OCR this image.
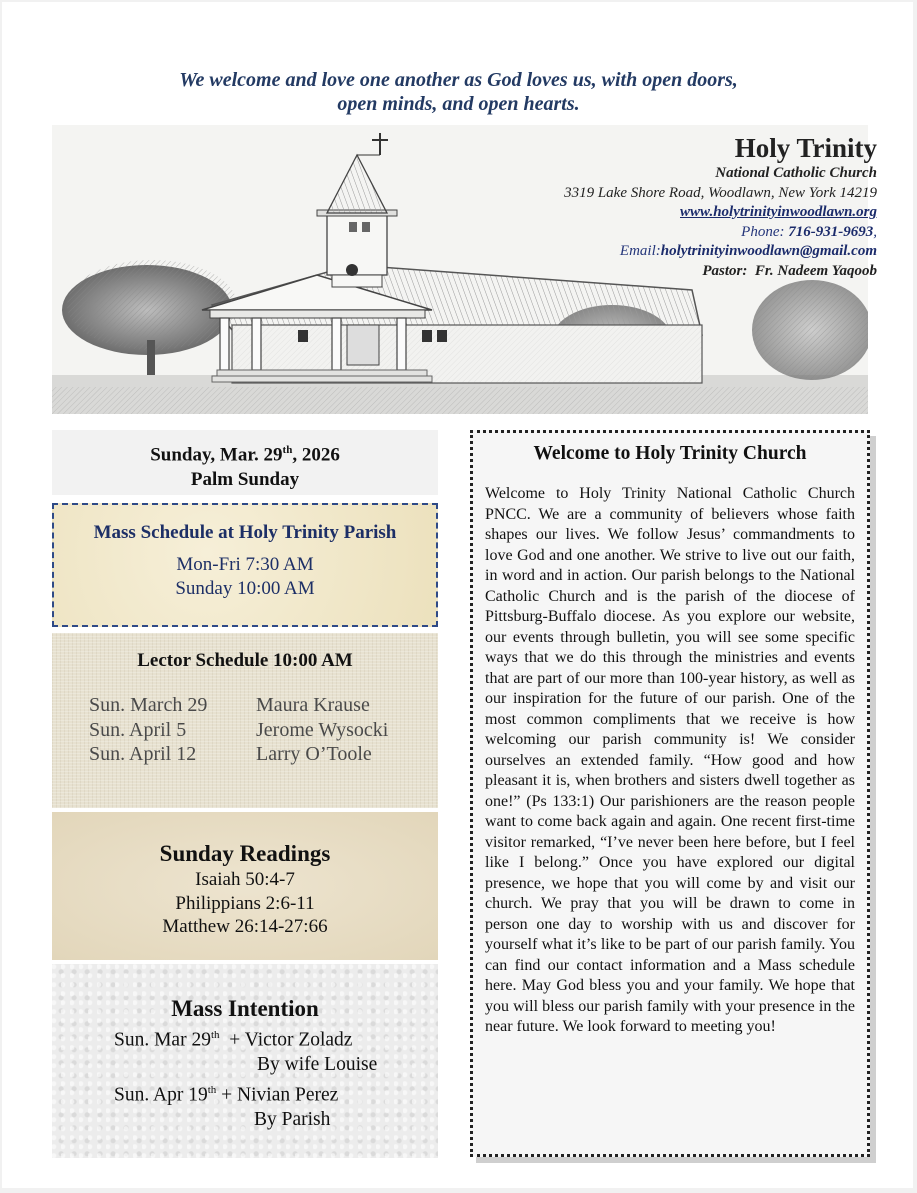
We welcome and love one another as God loves us, with open doors,
open minds, and open hearts.
Holy Trinity
National Catholic Church
3319 Lake Shore Road, Woodlawn, New York 14219
www.holytrinityinwoodlawn.org
Phone: 716-931-9693,
Email:holytrinityinwoodlawn@gmail.com
Pastor: Fr. Nadeem Yaqoob
Sunday, Mar. 29th, 2026
Palm Sunday
Mass Schedule at Holy Trinity Parish
Mon-Fri 7:30 AM
Sunday 10:00 AM
Lector Schedule 10:00 AM
Sun. March 29	Maura Krause
Sun. April 5	Jerome Wysocki
Sun. April 12	Larry O’Toole
Sunday Readings
Isaiah 50:4-7
Philippians 2:6-11
Matthew 26:14-27:66
Mass Intention
Sun. Mar 29th + Victor Zoladz
By wife Louise
Sun. Apr 19th + Nivian Perez
By Parish
Welcome to Holy Trinity Church
Welcome to Holy Trinity National Catholic Church PNCC. We are a community of believers whose faith shapes our lives. We follow Jesus’ commandments to love God and one another. We strive to live out our faith, in word and in action. Our parish belongs to the National Catholic Church and is the parish of the diocese of Pittsburg-Buffalo diocese. As you explore our website, our events through bulletin, you will see some specific ways that we do this through the ministries and events that are part of our more than 100-year history, as well as our inspiration for the future of our parish. One of the most common compliments that we receive is how welcoming our parish community is! We consider ourselves an extended family. “How good and how pleasant it is, when brothers and sisters dwell together as one!” (Ps 133:1) Our parishioners are the reason people want to come back again and again. One recent first-time visitor remarked, “I’ve never been here before, but I feel like I belong.” Once you have explored our digital presence, we hope that you will come by and visit our church. We pray that you will be drawn to come in person one day to worship with us and discover for yourself what it’s like to be part of our parish family. You can find our contact information and a Mass schedule here. May God bless you and your family. We hope that you will bless our parish family with your presence in the near future. We look forward to meeting you!
